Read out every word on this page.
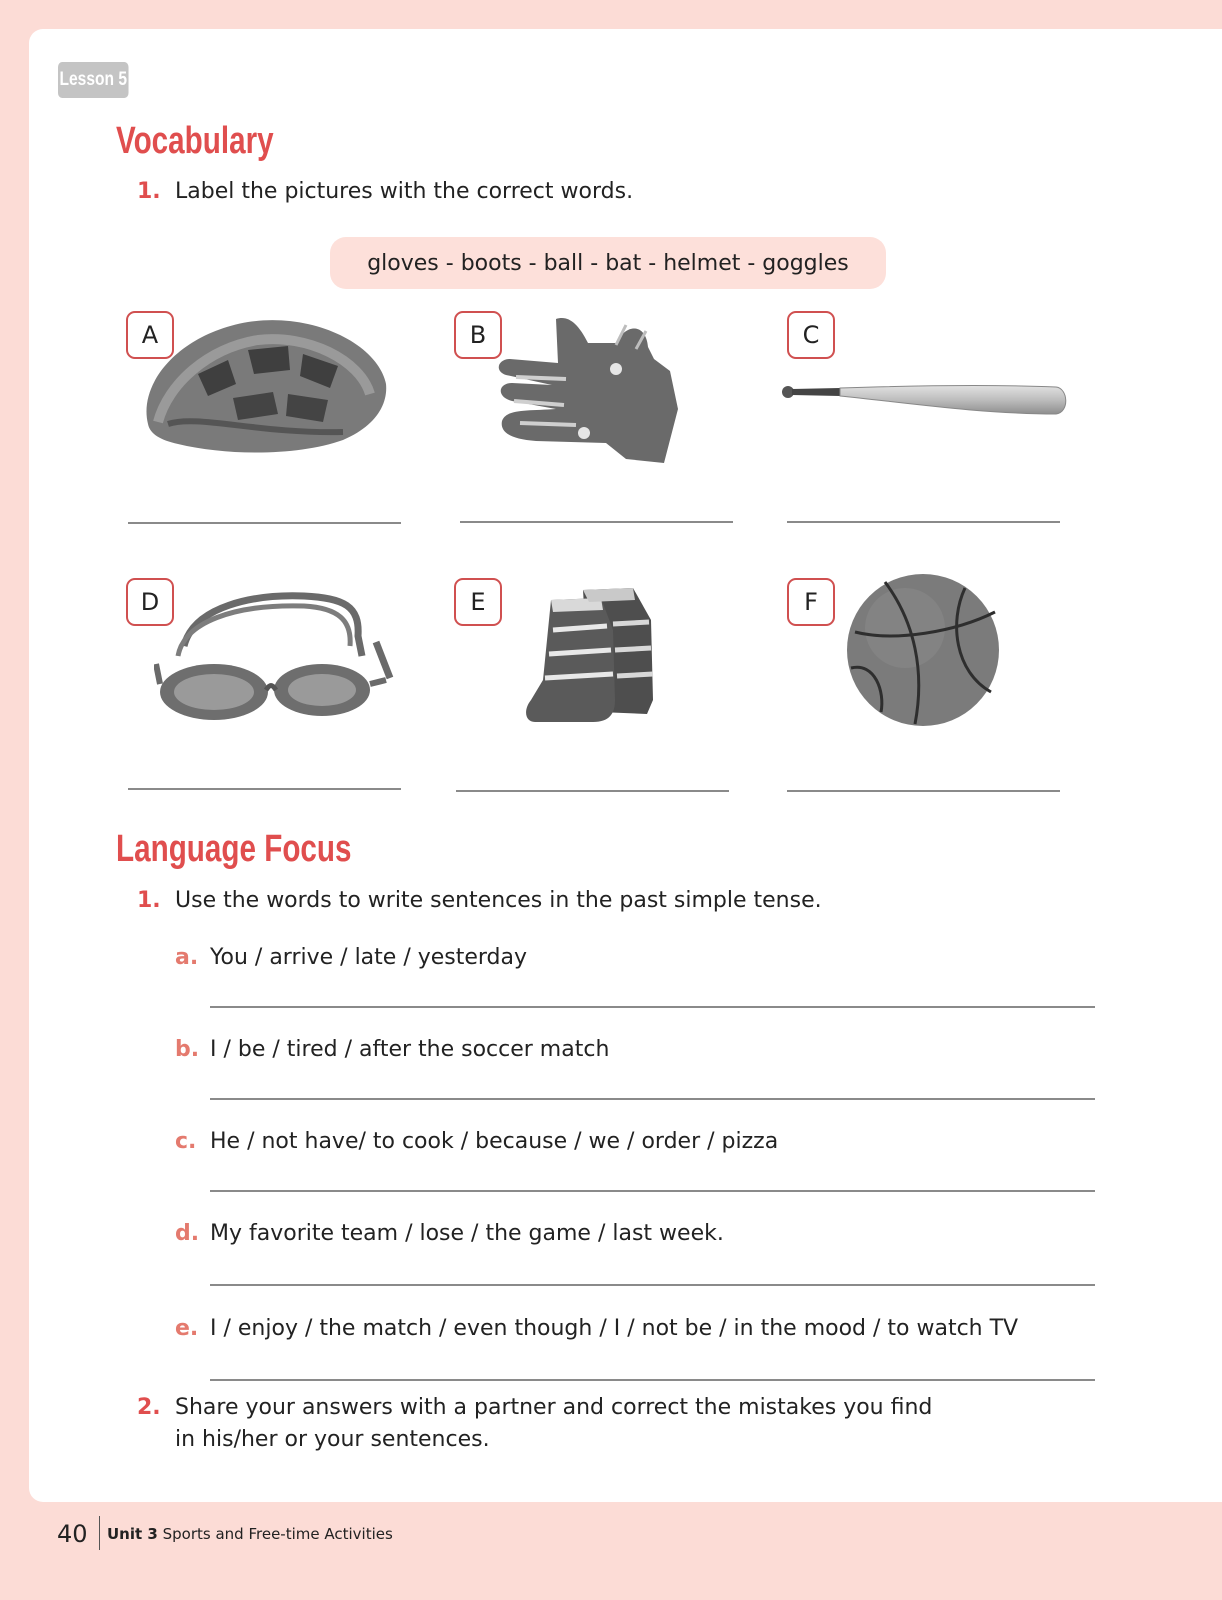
Lesson 5
Vocabulary
1. Label the pictures with the correct words.
gloves - boots - ball - bat - helmet - goggles
A	B	C
D	E	F
Language Focus
1. Use the words to write sentences in the past simple tense.
a. You / arrive / late / yesterday
b. I / be / tired / after the soccer match
c. He / not have/ to cook / because / we / order / pizza
d. My favorite team / lose / the game / last week.
e. I / enjoy / the match / even though / I / not be / in the mood / to watch TV
2. Share your answers with a partner and correct the mistakes you find
in his/her or your sentences.
40 Unit 3 Sports and Free-time Activities
